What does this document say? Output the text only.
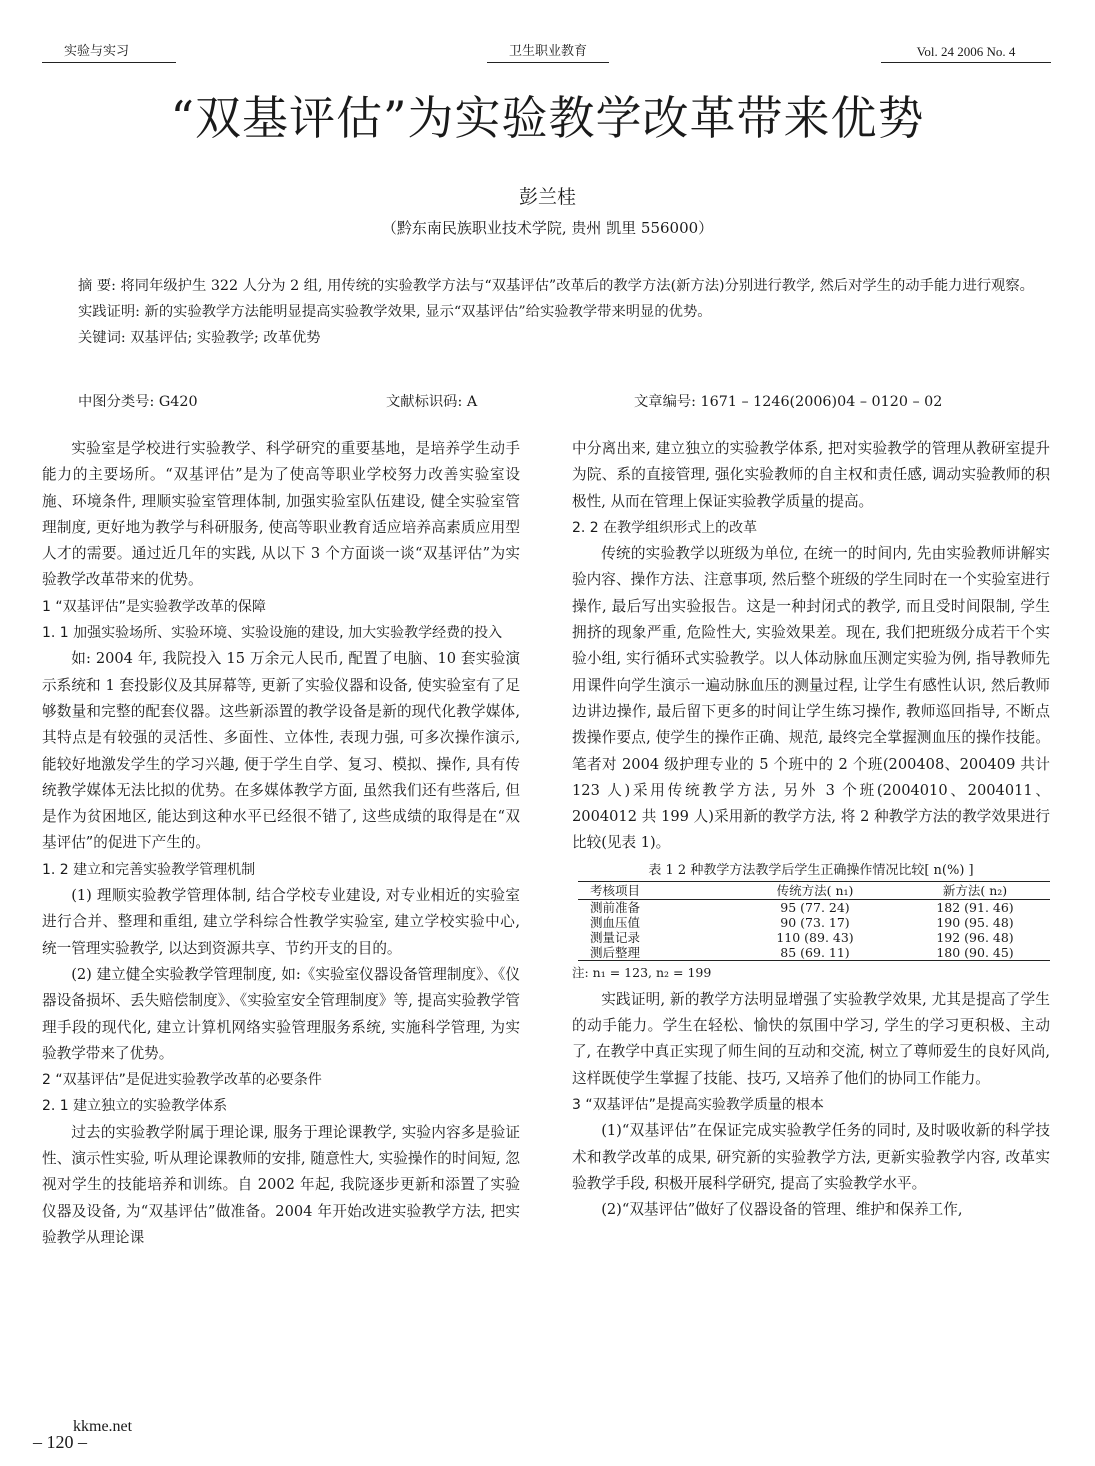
实验与实习	卫生职业教育	Vol. 24 2006 No. 4
“双基评估”为实验教学改革带来优势
彭兰桂
（黔东南民族职业技术学院, 贵州 凯里 556000）

摘 要: 将同年级护生 322 人分为 2 组, 用传统的实验教学方法与“双基评估”改革后的教学方法(新方法)分别进行教学, 然后对学生的动手能力进行观察。实践证明: 新的实验教学方法能明显提高实验教学效果, 显示“双基评估”给实验教学带来明显的优势。

关键词: 双基评估; 实验教学; 改革优势

中图分类号: G420	文献标识码: A	文章编号: 1671 – 1246(2006)04 – 0120 – 02

实验室是学校进行实验教学、科学研究的重要基地，是培养学生动手能力的主要场所。“双基评估”是为了使高等职业学校努力改善实验室设施、环境条件, 理顺实验室管理体制, 加强实验室队伍建设, 健全实验室管理制度, 更好地为教学与科研服务, 使高等职业教育适应培养高素质应用型人才的需要。通过近几年的实践, 从以下 3 个方面谈一谈“双基评估”为实验教学改革带来的优势。

1 “双基评估”是实验教学改革的保障

1. 1 加强实验场所、实验环境、实验设施的建设, 加大实验教学经费的投入

如: 2004 年, 我院投入 15 万余元人民币, 配置了电脑、10 套实验演示系统和 1 套投影仪及其屏幕等, 更新了实验仪器和设备, 使实验室有了足够数量和完整的配套仪器。这些新添置的教学设备是新的现代化教学媒体, 其特点是有较强的灵活性、多面性、立体性, 表现力强, 可多次操作演示, 能较好地激发学生的学习兴趣, 便于学生自学、复习、模拟、操作, 具有传统教学媒体无法比拟的优势。在多媒体教学方面, 虽然我们还有些落后, 但是作为贫困地区, 能达到这种水平已经很不错了, 这些成绩的取得是在“双基评估”的促进下产生的。

1. 2 建立和完善实验教学管理机制

(1) 理顺实验教学管理体制, 结合学校专业建设, 对专业相近的实验室进行合并、整理和重组, 建立学科综合性教学实验室, 建立学校实验中心, 统一管理实验教学, 以达到资源共享、节约开支的目的。

(2) 建立健全实验教学管理制度, 如:《实验室仪器设备管理制度》、《仪器设备损坏、丢失赔偿制度》、《实验室安全管理制度》等, 提高实验教学管理手段的现代化, 建立计算机网络实验管理服务系统, 实施科学管理, 为实验教学带来了优势。

2 “双基评估”是促进实验教学改革的必要条件

2. 1 建立独立的实验教学体系

过去的实验教学附属于理论课, 服务于理论课教学, 实验内容多是验证性、演示性实验, 听从理论课教师的安排, 随意性大, 实验操作的时间短, 忽视对学生的技能培养和训练。自 2002 年起, 我院逐步更新和添置了实验仪器及设备, 为“双基评估”做准备。2004 年开始改进实验教学方法, 把实验教学从理论课

中分离出来, 建立独立的实验教学体系, 把对实验教学的管理从教研室提升为院、系的直接管理, 强化实验教师的自主权和责任感, 调动实验教师的积极性, 从而在管理上保证实验教学质量的提高。

2. 2 在教学组织形式上的改革

传统的实验教学以班级为单位, 在统一的时间内, 先由实验教师讲解实验内容、操作方法、注意事项, 然后整个班级的学生同时在一个实验室进行操作, 最后写出实验报告。这是一种封闭式的教学, 而且受时间限制, 学生拥挤的现象严重, 危险性大, 实验效果差。现在, 我们把班级分成若干个实验小组, 实行循环式实验教学。以人体动脉血压测定实验为例, 指导教师先用课件向学生演示一遍动脉血压的测量过程, 让学生有感性认识, 然后教师边讲边操作, 最后留下更多的时间让学生练习操作, 教师巡回指导, 不断点拨操作要点, 使学生的操作正确、规范, 最终完全掌握测血压的操作技能。笔者对 2004 级护理专业的 5 个班中的 2 个班(200408、200409 共计 123 人)采用传统教学方法, 另外 3 个班(2004010、2004011、2004012 共 199 人)采用新的教学方法, 将 2 种教学方法的教学效果进行比较(见表 1)。

表 1 2 种教学方法教学后学生正确操作情况比较[ n(%) ]
考核项目	传统方法( n₁)	新方法( n₂)
测前准备	95 (77. 24)	182 (91. 46)
测血压值	90 (73. 17)	190 (95. 48)
测量记录	110 (89. 43)	192 (96. 48)
测后整理	85 (69. 11)	180 (90. 45)

注: n₁ = 123, n₂ = 199

实践证明, 新的教学方法明显增强了实验教学效果, 尤其是提高了学生的动手能力。学生在轻松、愉快的氛围中学习, 学生的学习更积极、主动了, 在教学中真正实现了师生间的互动和交流, 树立了尊师爱生的良好风尚, 这样既使学生掌握了技能、技巧, 又培养了他们的协同工作能力。

3 “双基评估”是提高实验教学质量的根本

(1)“双基评估”在保证完成实验教学任务的同时, 及时吸收新的科学技术和教学改革的成果, 研究新的实验教学方法, 更新实验教学内容, 改革实验教学手段, 积极开展科学研究, 提高了实验教学水平。

(2)“双基评估”做好了仪器设备的管理、维护和保养工作,

kkme.net
– 120 –
